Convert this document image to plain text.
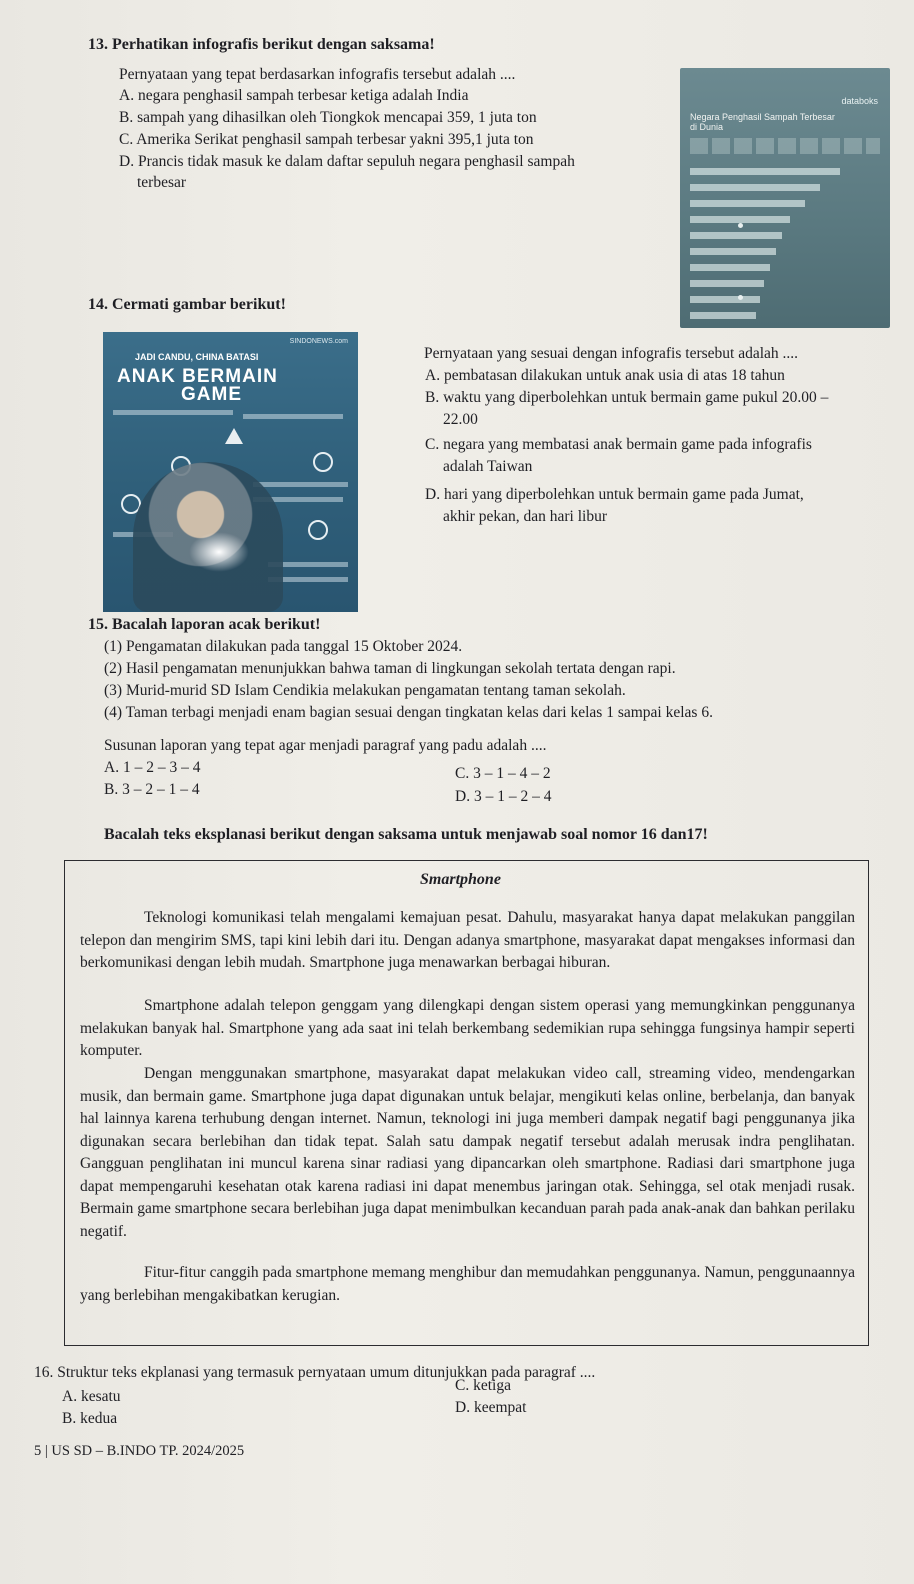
13. Perhatikan infografis berikut dengan saksama!
Pernyataan yang tepat berdasarkan infografis tersebut adalah ....
A. negara penghasil sampah terbesar ketiga adalah India
B. sampah yang dihasilkan oleh Tiongkok mencapai 359, 1 juta ton
C. Amerika Serikat penghasil sampah terbesar yakni 395,1 juta ton
D. Prancis tidak masuk ke dalam daftar sepuluh negara penghasil sampah
terbesar
databoks
Negara Penghasil Sampah Terbesar
di Dunia
14. Cermati gambar berikut!
SINDONEWS.com
JADI CANDU, CHINA BATASI
ANAK BERMAIN
GAME
Pernyataan yang sesuai dengan infografis tersebut adalah ....
A. pembatasan dilakukan untuk anak usia di atas 18 tahun
B. waktu yang diperbolehkan untuk bermain game pukul 20.00 –
22.00
C. negara yang membatasi anak bermain game pada infografis
adalah Taiwan
D. hari yang diperbolehkan untuk bermain game pada Jumat,
akhir pekan, dan hari libur
15. Bacalah laporan acak berikut!
(1) Pengamatan dilakukan pada tanggal 15 Oktober 2024.
(2) Hasil pengamatan menunjukkan bahwa taman di lingkungan sekolah tertata dengan rapi.
(3) Murid-murid SD Islam Cendikia melakukan pengamatan tentang taman sekolah.
(4) Taman terbagi menjadi enam bagian sesuai dengan tingkatan kelas dari kelas 1 sampai kelas 6.
Susunan laporan yang tepat agar menjadi paragraf yang padu adalah ....
A. 1 – 2 – 3 – 4
B. 3 – 2 – 1 – 4
C. 3 – 1 – 4 – 2
D. 3 – 1 – 2 – 4
Bacalah teks eksplanasi berikut dengan saksama untuk menjawab soal nomor 16 dan17!
Smartphone
Teknologi komunikasi telah mengalami kemajuan pesat. Dahulu, masyarakat hanya dapat melakukan panggilan telepon dan mengirim SMS, tapi kini lebih dari itu. Dengan adanya smartphone, masyarakat dapat mengakses informasi dan berkomunikasi dengan lebih mudah. Smartphone juga menawarkan berbagai hiburan.
Smartphone adalah telepon genggam yang dilengkapi dengan sistem operasi yang memungkinkan penggunanya melakukan banyak hal. Smartphone yang ada saat ini telah berkembang sedemikian rupa sehingga fungsinya hampir seperti komputer.
Dengan menggunakan smartphone, masyarakat dapat melakukan video call, streaming video, mendengarkan musik, dan bermain game. Smartphone juga dapat digunakan untuk belajar, mengikuti kelas online, berbelanja, dan banyak hal lainnya karena terhubung dengan internet. Namun, teknologi ini juga memberi dampak negatif bagi penggunanya jika digunakan secara berlebihan dan tidak tepat. Salah satu dampak negatif tersebut adalah merusak indra penglihatan. Gangguan penglihatan ini muncul karena sinar radiasi yang dipancarkan oleh smartphone. Radiasi dari smartphone juga dapat mempengaruhi kesehatan otak karena radiasi ini dapat menembus jaringan otak. Sehingga, sel otak menjadi rusak. Bermain game smartphone secara berlebihan juga dapat menimbulkan kecanduan parah pada anak-anak dan bahkan perilaku negatif.
Fitur-fitur canggih pada smartphone memang menghibur dan memudahkan penggunanya. Namun, penggunaannya yang berlebihan mengakibatkan kerugian.
16. Struktur teks ekplanasi yang termasuk pernyataan umum ditunjukkan pada paragraf ....
A. kesatu
B. kedua
C. ketiga
D. keempat
5 | US SD – B.INDO TP. 2024/2025
